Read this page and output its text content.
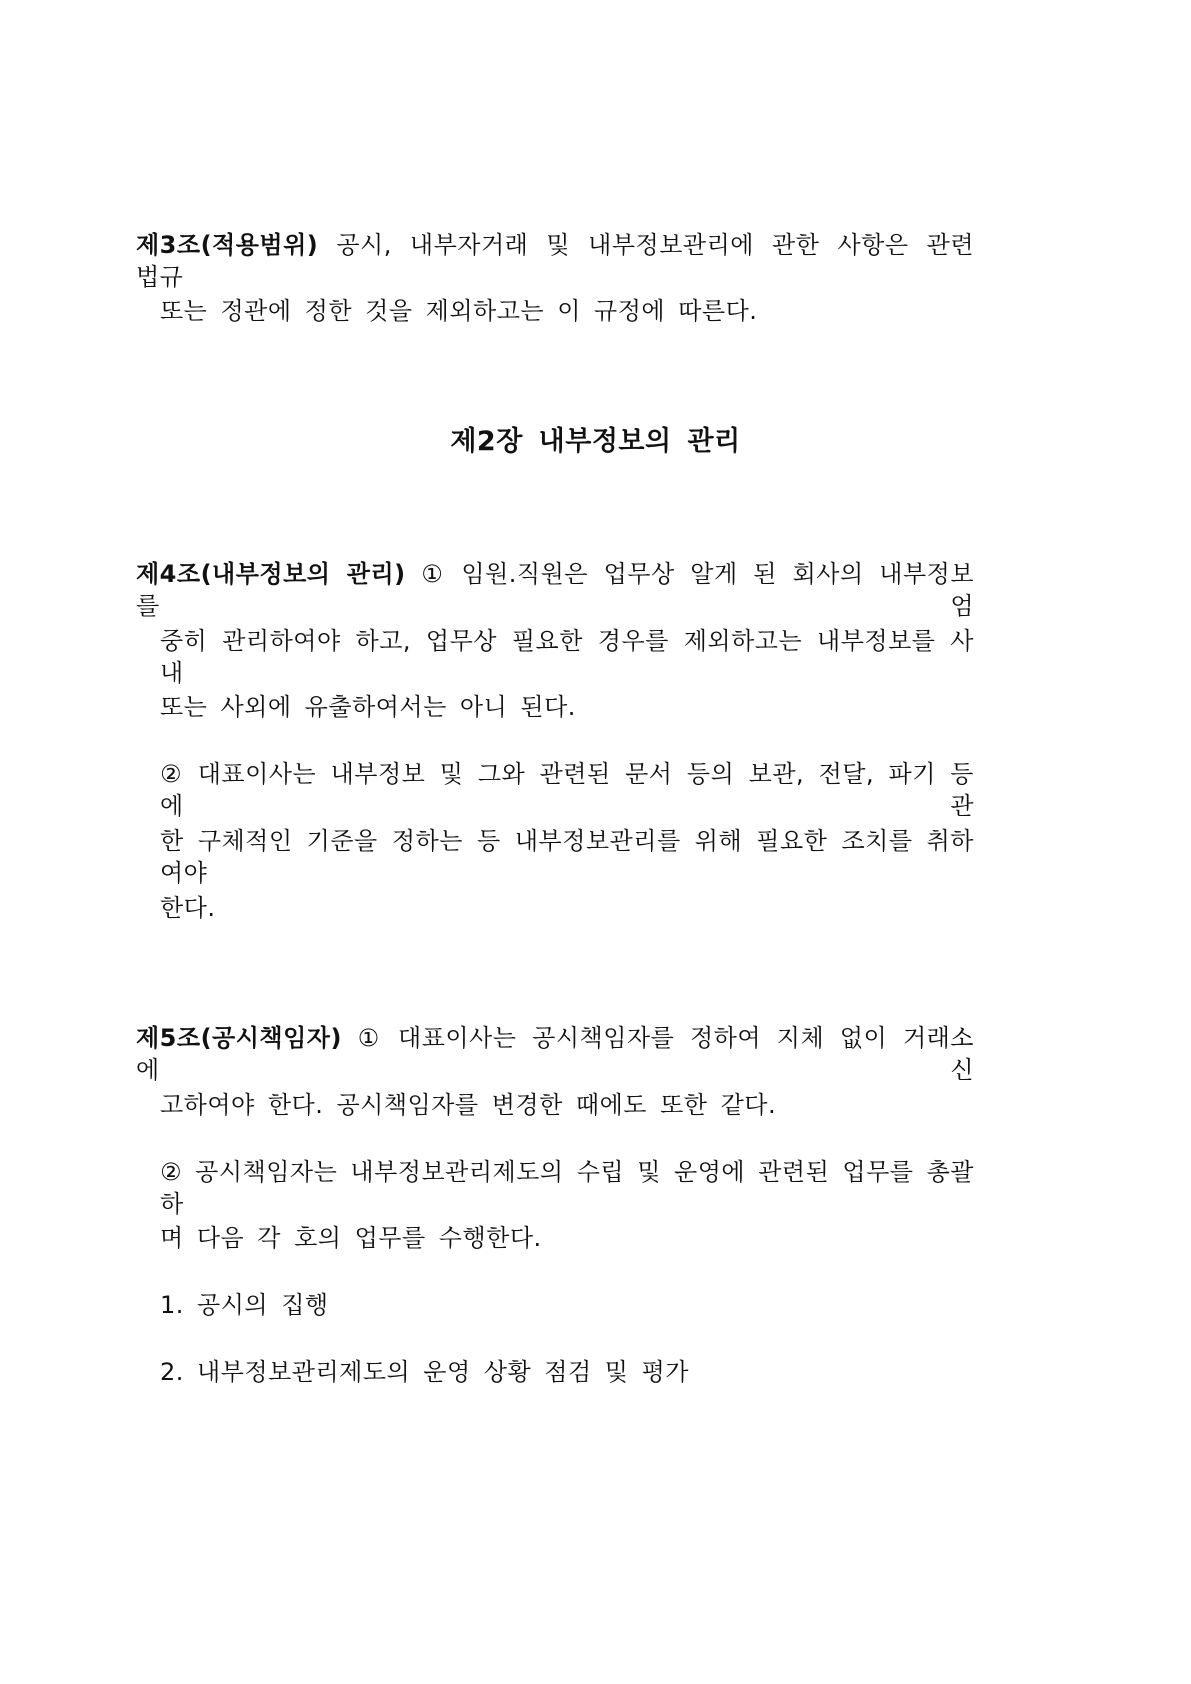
제3조(적용범위) 공시, 내부자거래 및 내부정보관리에 관한 사항은 관련 법규
또는 정관에 정한 것을 제외하고는 이 규정에 따른다.
제2장 내부정보의 관리
제4조(내부정보의 관리) ① 임원.직원은 업무상 알게 된 회사의 내부정보를 엄
중히 관리하여야 하고, 업무상 필요한 경우를 제외하고는 내부정보를 사내
또는 사외에 유출하여서는 아니 된다.
② 대표이사는 내부정보 및 그와 관련된 문서 등의 보관, 전달, 파기 등에 관
한 구체적인 기준을 정하는 등 내부정보관리를 위해 필요한 조치를 취하여야
한다.
제5조(공시책임자) ① 대표이사는 공시책임자를 정하여 지체 없이 거래소에 신
고하여야 한다. 공시책임자를 변경한 때에도 또한 같다.
② 공시책임자는 내부정보관리제도의 수립 및 운영에 관련된 업무를 총괄하
며 다음 각 호의 업무를 수행한다.
1. 공시의 집행
2. 내부정보관리제도의 운영 상황 점검 및 평가
